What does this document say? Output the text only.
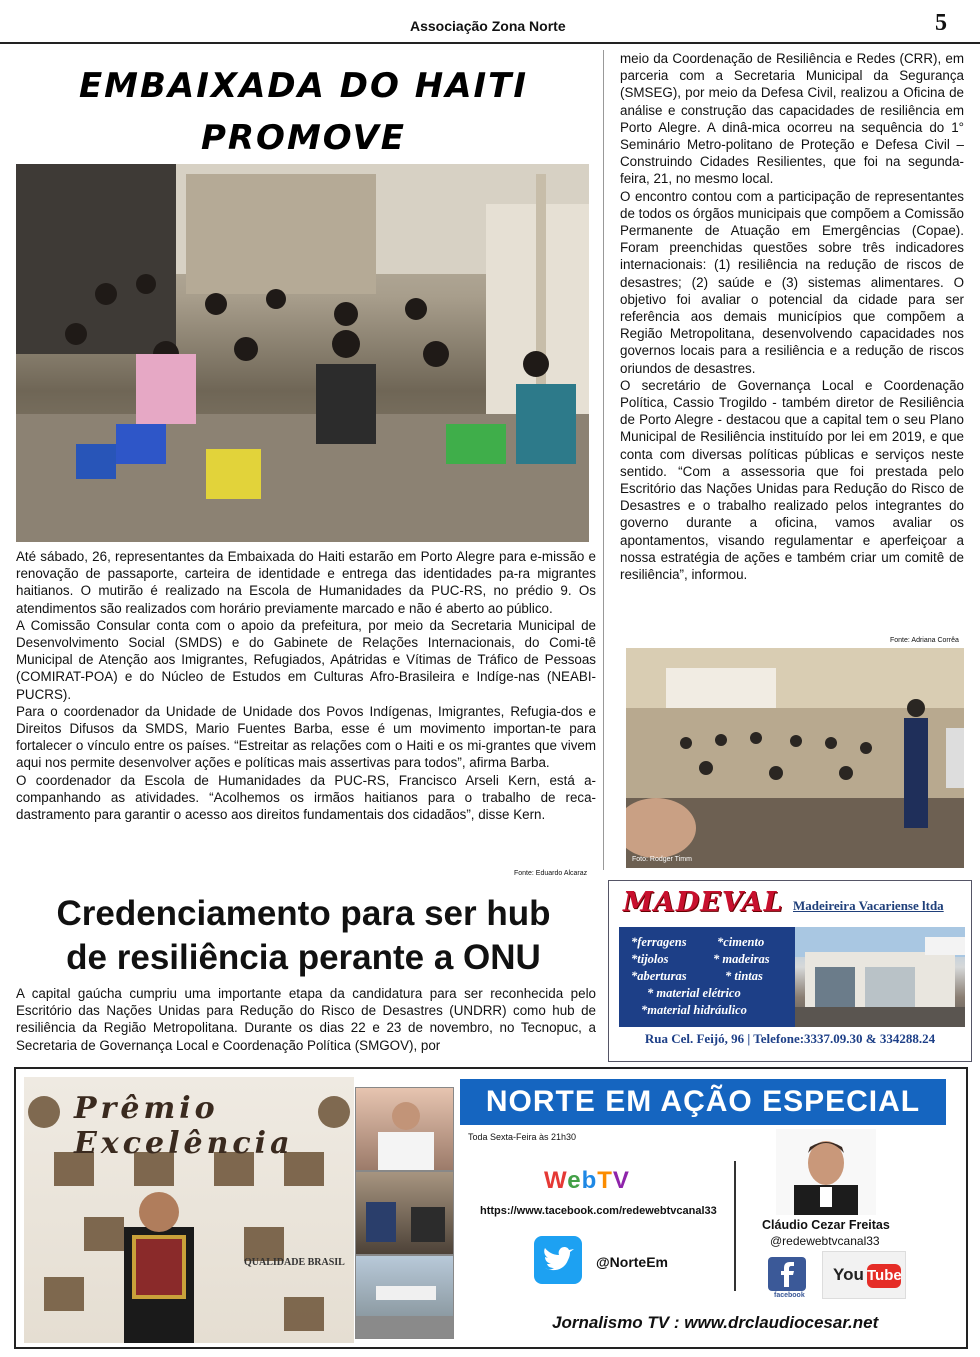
Associação Zona Norte	5
EMBAIXADA DO HAITI PROMOVE

Até sábado, 26, representantes da Embaixada do Haiti estarão em Porto Alegre para e-missão e renovação de passaporte, carteira de identidade e entrega das identidades pa-ra migrantes haitianos. O mutirão é realizado na Escola de Humanidades da PUC-RS, no prédio 9. Os atendimentos são realizados com horário previamente marcado e não é aberto ao público.

A Comissão Consular conta com o apoio da prefeitura, por meio da Secretaria Municipal de Desenvolvimento Social (SMDS) e do Gabinete de Relações Internacionais, do Comi-tê Municipal de Atenção aos Imigrantes, Refugiados, Apátridas e Vítimas de Tráfico de Pessoas (COMIRAT-POA) e do Núcleo de Estudos em Culturas Afro-Brasileira e Indíge-nas (NEABI-PUCRS).

Para o coordenador da Unidade de Unidade dos Povos Indígenas, Imigrantes, Refugia-dos e Direitos Difusos da SMDS, Mario Fuentes Barba, esse é um movimento importan-te para fortalecer o vínculo entre os países. “Estreitar as relações com o Haiti e os mi-grantes que vivem aqui nos permite desenvolver ações e políticas mais assertivas para todos”, afirma Barba.

O coordenador da Escola de Humanidades da PUC-RS, Francisco Arseli Kern, está a-companhando as atividades. “Acolhemos os irmãos haitianos para o trabalho de reca-dastramento para garantir o acesso aos direitos fundamentais dos cidadãos”, disse Kern.

Fonte: Eduardo Alcaraz
Credenciamento para ser hub
de resiliência perante a ONU
A capital gaúcha cumpriu uma importante etapa da candidatura para ser reconhecida pelo Escritório das Nações Unidas para Redução do Risco de Desastres (UNDRR) como hub de resiliência da Região Metropolitana. Durante os dias 22 e 23 de novembro, no Tecnopuc, a Secretaria de Governança Local e Coordenação Política (SMGOV), por

meio da Coordenação de Resiliência e Redes (CRR), em parceria com a Secretaria Municipal da Segurança (SMSEG), por meio da Defesa Civil, realizou a Oficina de análise e construção das capacidades de resiliência em Porto Alegre. A dinâ-mica ocorreu na sequência do 1° Seminário Metro-politano de Proteção e Defesa Civil – Construindo Cidades Resilientes, que foi na segunda-feira, 21, no mesmo local.

O encontro contou com a participação de representantes de todos os órgãos municipais que compõem a Comissão Permanente de Atuação em Emergências (Copae). Foram preenchidas questões sobre três indicadores internacionais: (1) resiliência na redução de riscos de desastres; (2) saúde e (3) sistemas alimentares. O objetivo foi avaliar o potencial da cidade para ser referência aos demais municípios que compõem a Região Metropolitana, desenvolvendo capacidades nos governos locais para a resiliência e a redução de riscos oriundos de desastres.

O secretário de Governança Local e Coordenação Política, Cassio Trogildo - também diretor de Resiliência de Porto Alegre - destacou que a capital tem o seu Plano Municipal de Resiliência instituído por lei em 2019, e que conta com diversas políticas públicas e serviços neste sentido. “Com a assessoria que foi prestada pelo Escritório das Nações Unidas para Redução do Risco de Desastres e o trabalho realizado pelos integrantes do governo durante a oficina, vamos avaliar os apontamentos, visando regulamentar e aperfeiçoar a nossa estratégia de ações e também criar um comitê de resiliência”, informou.

Fonte: Adriana Corrêa
Foto: Rodger Timm
MADEVAL Madeireira Vacariense ltda
*ferragens *cimento
*tijolos	* madeiras
*aberturas	* tintas
* material elétrico
*material hidráulico
Rua Cel. Feijó, 96 | Telefone:3337.09.30 & 334288.24
Prêmio Excelência
QUALIDADE BRASIL
NORTE EM AÇÃO ESPECIAL
Toda Sexta-Feira às 21h30
WebTV
https://www.tacebook.com/redewebtvcanal33
@NorteEm
Cláudio Cezar Freitas
@redewebtvcanal33
facebook
You Tube
Jornalismo TV : www.drclaudiocesar.net
